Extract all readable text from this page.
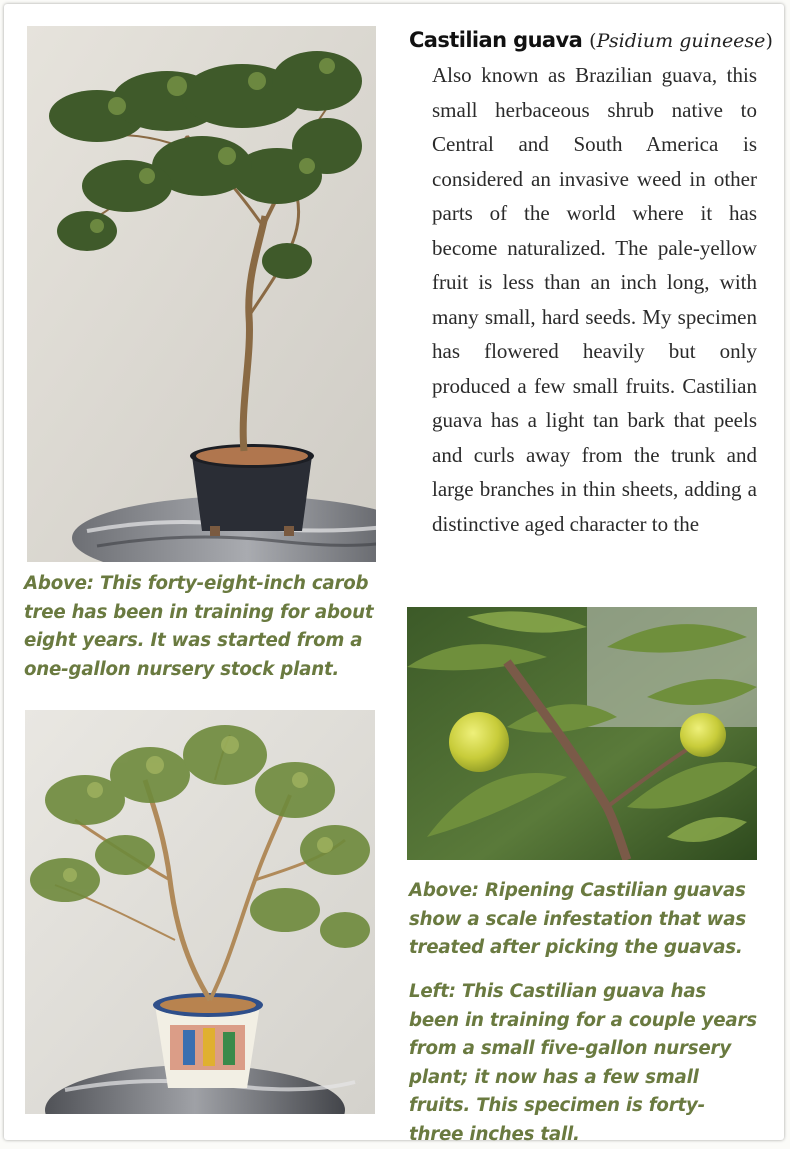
Castilian guava (Psidium guineese)
Also known as Brazilian guava, this small herbaceous shrub native to Central and South America is considered an invasive weed in other parts of the world where it has become naturalized. The pale-yellow fruit is less than an inch long, with many small, hard seeds. My specimen has flowered heavily but only produced a few small fruits. Castilian guava has a light tan bark that peels and curls away from the trunk and large branches in thin sheets, adding a distinctive aged character to the
Above: This forty-eight-inch carob tree has been in training for about eight years. It was started from a one-gallon nursery stock plant.
Above: Ripening Castilian guavas show a scale infestation that was treated after picking the guavas.
Left: This Castilian guava has been in training for a couple years from a small five-gallon nursery plant; it now has a few small fruits. This specimen is forty-three inches tall.
